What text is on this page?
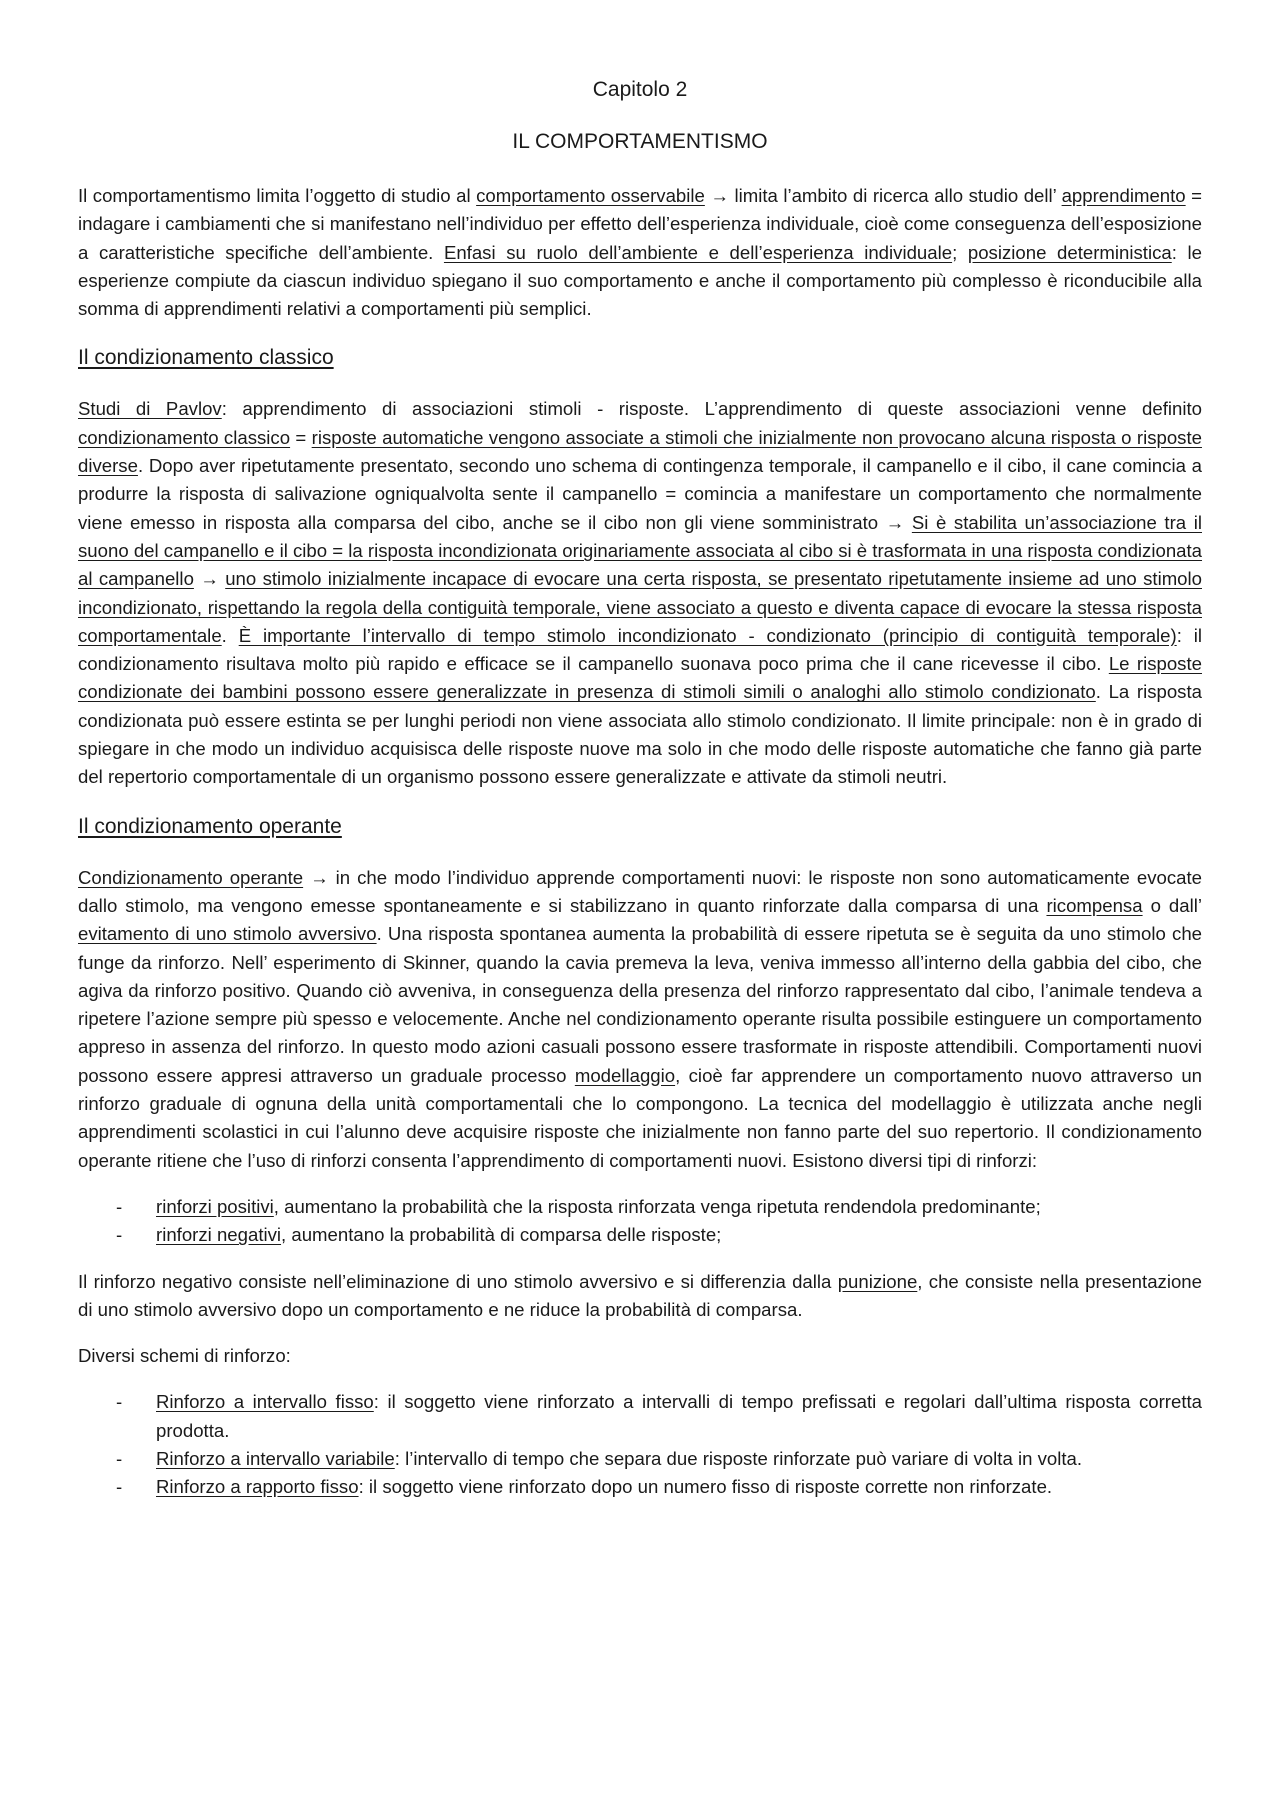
Capitolo 2
IL COMPORTAMENTISMO

Il comportamentismo limita l’oggetto di studio al comportamento osservabile → limita l’ambito di ricerca allo studio dell’ apprendimento = indagare i cambiamenti che si manifestano nell’individuo per effetto dell’esperienza individuale, cioè come conseguenza dell’esposizione a caratteristiche specifiche dell’ambiente. Enfasi su ruolo dell’ambiente e dell’esperienza individuale; posizione deterministica: le esperienze compiute da ciascun individuo spiegano il suo comportamento e anche il comportamento più complesso è riconducibile alla somma di apprendimenti relativi a comportamenti più semplici.

Il condizionamento classico

Studi di Pavlov: apprendimento di associazioni stimoli - risposte. L’apprendimento di queste associazioni venne definito condizionamento classico = risposte automatiche vengono associate a stimoli che inizialmente non provocano alcuna risposta o risposte diverse. Dopo aver ripetutamente presentato, secondo uno schema di contingenza temporale, il campanello e il cibo, il cane comincia a produrre la risposta di salivazione ogniqualvolta sente il campanello = comincia a manifestare un comportamento che normalmente viene emesso in risposta alla comparsa del cibo, anche se il cibo non gli viene somministrato → Si è stabilita un’associazione tra il suono del campanello e il cibo = la risposta incondizionata originariamente associata al cibo si è trasformata in una risposta condizionata al campanello → uno stimolo inizialmente incapace di evocare una certa risposta, se presentato ripetutamente insieme ad uno stimolo incondizionato, rispettando la regola della contiguità temporale, viene associato a questo e diventa capace di evocare la stessa risposta comportamentale. È importante l’intervallo di tempo stimolo incondizionato - condizionato (principio di contiguità temporale): il condizionamento risultava molto più rapido e efficace se il campanello suonava poco prima che il cane ricevesse il cibo. Le risposte condizionate dei bambini possono essere generalizzate in presenza di stimoli simili o analoghi allo stimolo condizionato. La risposta condizionata può essere estinta se per lunghi periodi non viene associata allo stimolo condizionato. Il limite principale: non è in grado di spiegare in che modo un individuo acquisisca delle risposte nuove ma solo in che modo delle risposte automatiche che fanno già parte del repertorio comportamentale di un organismo possono essere generalizzate e attivate da stimoli neutri.

Il condizionamento operante

Condizionamento operante → in che modo l’individuo apprende comportamenti nuovi: le risposte non sono automaticamente evocate dallo stimolo, ma vengono emesse spontaneamente e si stabilizzano in quanto rinforzate dalla comparsa di una ricompensa o dall’ evitamento di uno stimolo avversivo. Una risposta spontanea aumenta la probabilità di essere ripetuta se è seguita da uno stimolo che funge da rinforzo. Nell’ esperimento di Skinner, quando la cavia premeva la leva, veniva immesso all’interno della gabbia del cibo, che agiva da rinforzo positivo. Quando ciò avveniva, in conseguenza della presenza del rinforzo rappresentato dal cibo, l’animale tendeva a ripetere l’azione sempre più spesso e velocemente. Anche nel condizionamento operante risulta possibile estinguere un comportamento appreso in assenza del rinforzo. In questo modo azioni casuali possono essere trasformate in risposte attendibili. Comportamenti nuovi possono essere appresi attraverso un graduale processo modellaggio, cioè far apprendere un comportamento nuovo attraverso un rinforzo graduale di ognuna della unità comportamentali che lo compongono. La tecnica del modellaggio è utilizzata anche negli apprendimenti scolastici in cui l’alunno deve acquisire risposte che inizialmente non fanno parte del suo repertorio. Il condizionamento operante ritiene che l’uso di rinforzi consenta l’apprendimento di comportamenti nuovi. Esistono diversi tipi di rinforzi:

- rinforzi positivi, aumentano la probabilità che la risposta rinforzata venga ripetuta rendendola predominante;
- rinforzi negativi, aumentano la probabilità di comparsa delle risposte;

Il rinforzo negativo consiste nell’eliminazione di uno stimolo avversivo e si differenzia dalla punizione, che consiste nella presentazione di uno stimolo avversivo dopo un comportamento e ne riduce la probabilità di comparsa.

Diversi schemi di rinforzo:

- Rinforzo a intervallo fisso: il soggetto viene rinforzato a intervalli di tempo prefissati e regolari dall’ultima risposta corretta prodotta.
- Rinforzo a intervallo variabile: l’intervallo di tempo che separa due risposte rinforzate può variare di volta in volta.
- Rinforzo a rapporto fisso: il soggetto viene rinforzato dopo un numero fisso di risposte corrette non rinforzate.
